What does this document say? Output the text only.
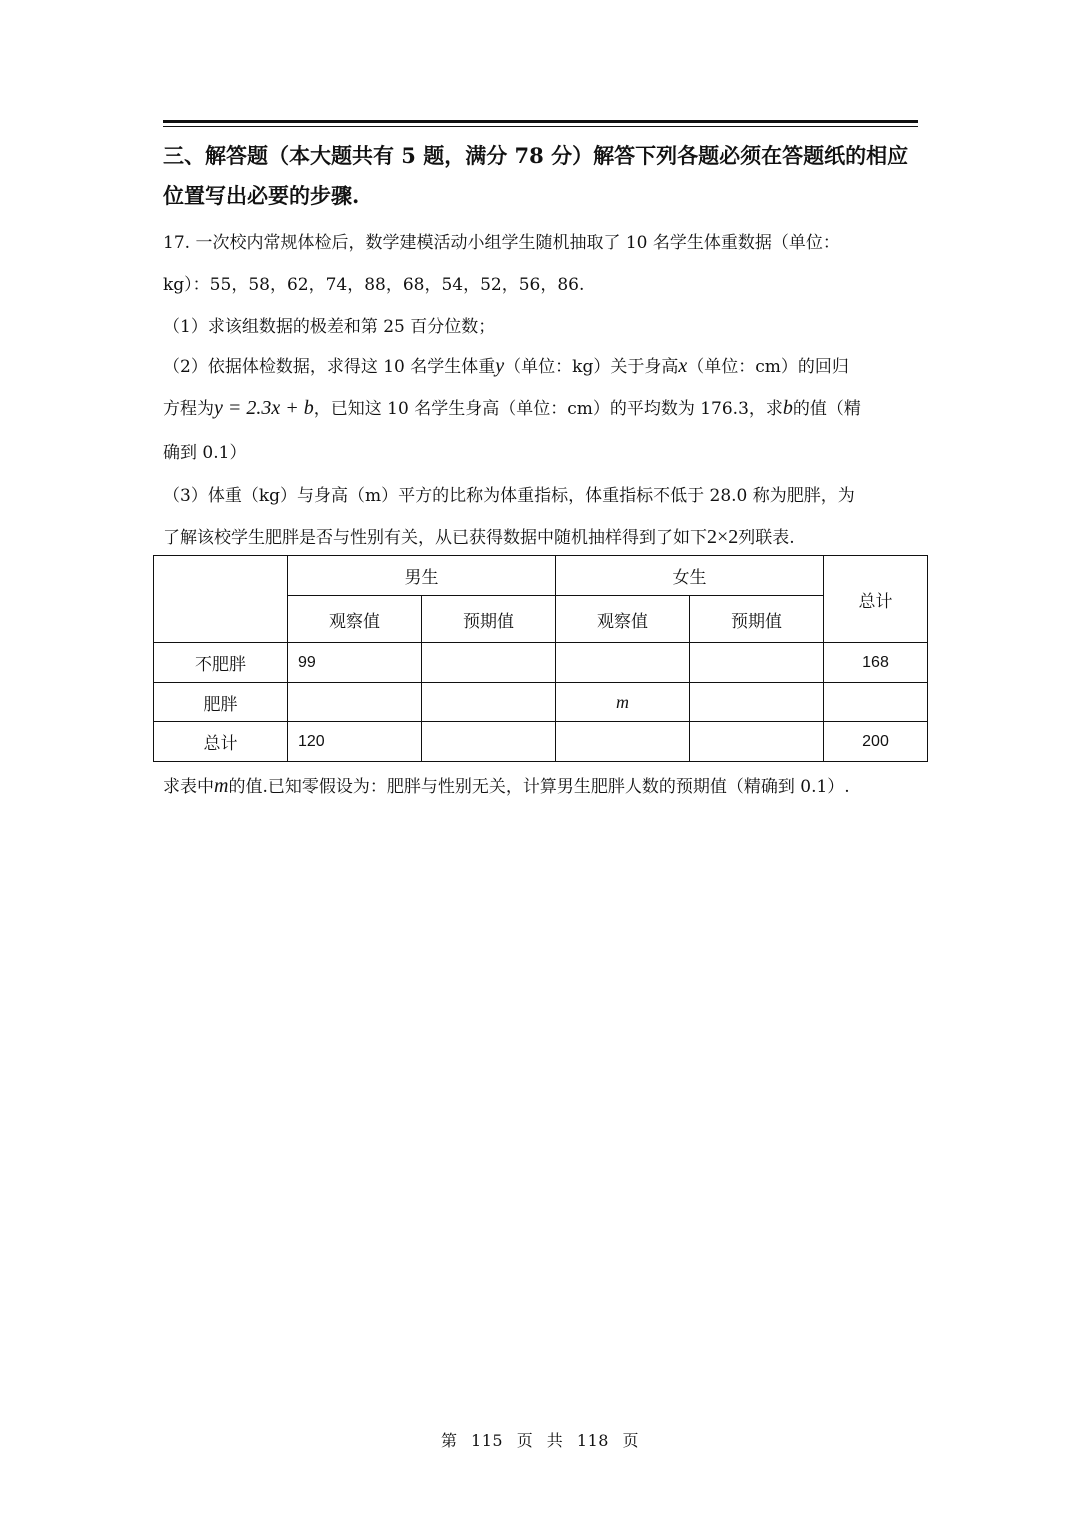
三、解答题（本大题共有 5 题，满分 78 分）解答下列各题必须在答题纸的相应
位置写出必要的步骤.
17. 一次校内常规体检后，数学建模活动小组学生随机抽取了 10 名学生体重数据（单位：
kg）：55，58，62，74，88，68，54，52，56，86.
（1）求该组数据的极差和第 25 百分位数；
（2）依据体检数据，求得这 10 名学生体重y（单位：kg）关于身高x（单位：cm）的回归
方程为y = 2.3x + b，已知这 10 名学生身高（单位：cm）的平均数为 176.3，求b的值（精
确到 0.1）
（3）体重（kg）与身高（m）平方的比称为体重指标，体重指标不低于 28.0 称为肥胖，为
了解该校学生肥胖是否与性别有关，从已获得数据中随机抽样得到了如下2×2列联表.
	男生		女生		总计
	观察值	预期值	观察值	预期值	
不肥胖	99				168
肥胖			m		
总计	120				200
求表中m的值.已知零假设为：肥胖与性别无关，计算男生肥胖人数的预期值（精确到 0.1）.
第 115 页 共 118 页
